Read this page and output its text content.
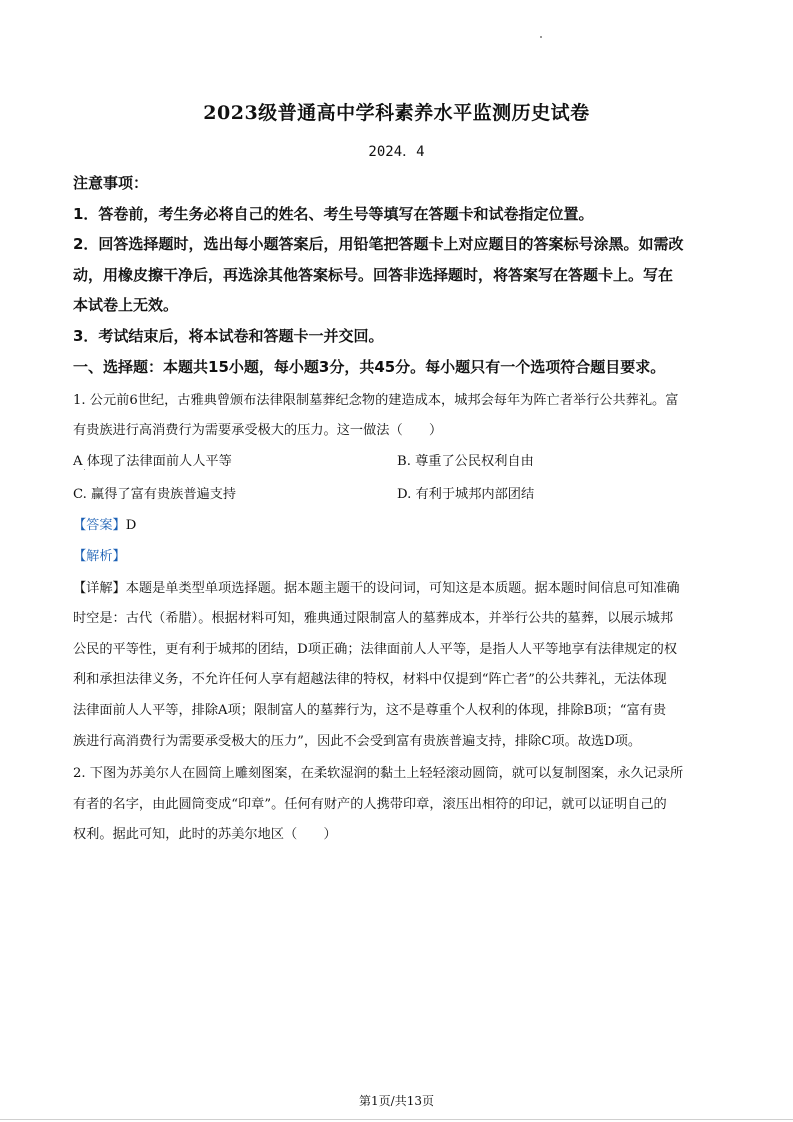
2023级普通高中学科素养水平监测历史试卷
2024．4
注意事项：
1．答卷前，考生务必将自己的姓名、考生号等填写在答题卡和试卷指定位置。
2．回答选择题时，选出每小题答案后，用铅笔把答题卡上对应题目的答案标号涂黑。如需改
动，用橡皮擦干净后，再选涂其他答案标号。回答非选择题时，将答案写在答题卡上。写在
本试卷上无效。
3．考试结束后，将本试卷和答题卡一并交回。
一、选择题：本题共15小题，每小题3分，共45分。每小题只有一个选项符合题目要求。
1. 公元前6世纪，古雅典曾颁布法律限制墓葬纪念物的建造成本，城邦会每年为阵亡者举行公共葬礼。富
有贵族进行高消费行为需要承受极大的压力。这一做法（　　）
A 体现了法律面前人人平等	B. 尊重了公民权利自由
C. 赢得了富有贵族普遍支持	D. 有利于城邦内部团结
【答案】D
【解析】
【详解】本题是单类型单项选择题。据本题主题干的设问词，可知这是本质题。据本题时间信息可知准确
时空是：古代（希腊）。根据材料可知，雅典通过限制富人的墓葬成本，并举行公共的墓葬，以展示城邦
公民的平等性，更有利于城邦的团结，D项正确；法律面前人人平等，是指人人平等地享有法律规定的权
利和承担法律义务，不允许任何人享有超越法律的特权，材料中仅提到“阵亡者”的公共葬礼，无法体现
法律面前人人平等，排除A项；限制富人的墓葬行为，这不是尊重个人权利的体现，排除B项；“富有贵
族进行高消费行为需要承受极大的压力”，因此不会受到富有贵族普遍支持，排除C项。故选D项。
2. 下图为苏美尔人在圆筒上雕刻图案，在柔软湿润的黏土上轻轻滚动圆筒，就可以复制图案，永久记录所
有者的名字，由此圆筒变成“印章”。任何有财产的人携带印章，滚压出相符的印记，就可以证明自己的
权利。据此可知，此时的苏美尔地区（　　）
第1页/共13页
